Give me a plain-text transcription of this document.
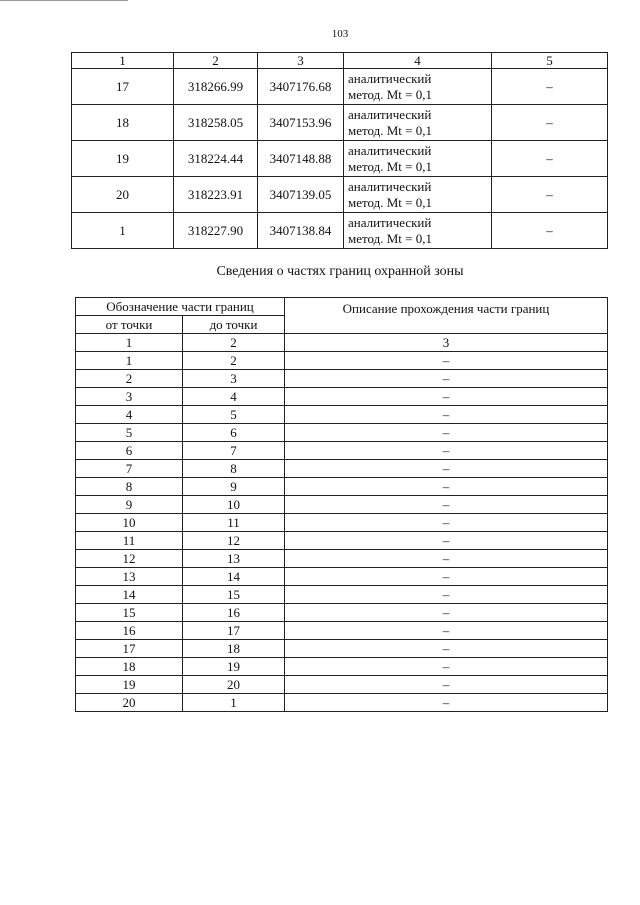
103
1	2	3	4	5
17	318266.99	3407176.68	аналитический
метод. Mt = 0,1	–
18	318258.05	3407153.96	аналитический
метод. Mt = 0,1	–
19	318224.44	3407148.88	аналитический
метод. Mt = 0,1	–
20	318223.91	3407139.05	аналитический
метод. Mt = 0,1	–
1	318227.90	3407138.84	аналитический
метод. Mt = 0,1	–
Сведения о частях границ охранной зоны
Обозначение части границ		Описание прохождения части границ
от точки	до точки	
1	2	3
1	2	–
2	3	–
3	4	–
4	5	–
5	6	–
6	7	–
7	8	–
8	9	–
9	10	–
10	11	–
11	12	–
12	13	–
13	14	–
14	15	–
15	16	–
16	17	–
17	18	–
18	19	–
19	20	–
20	1	–
